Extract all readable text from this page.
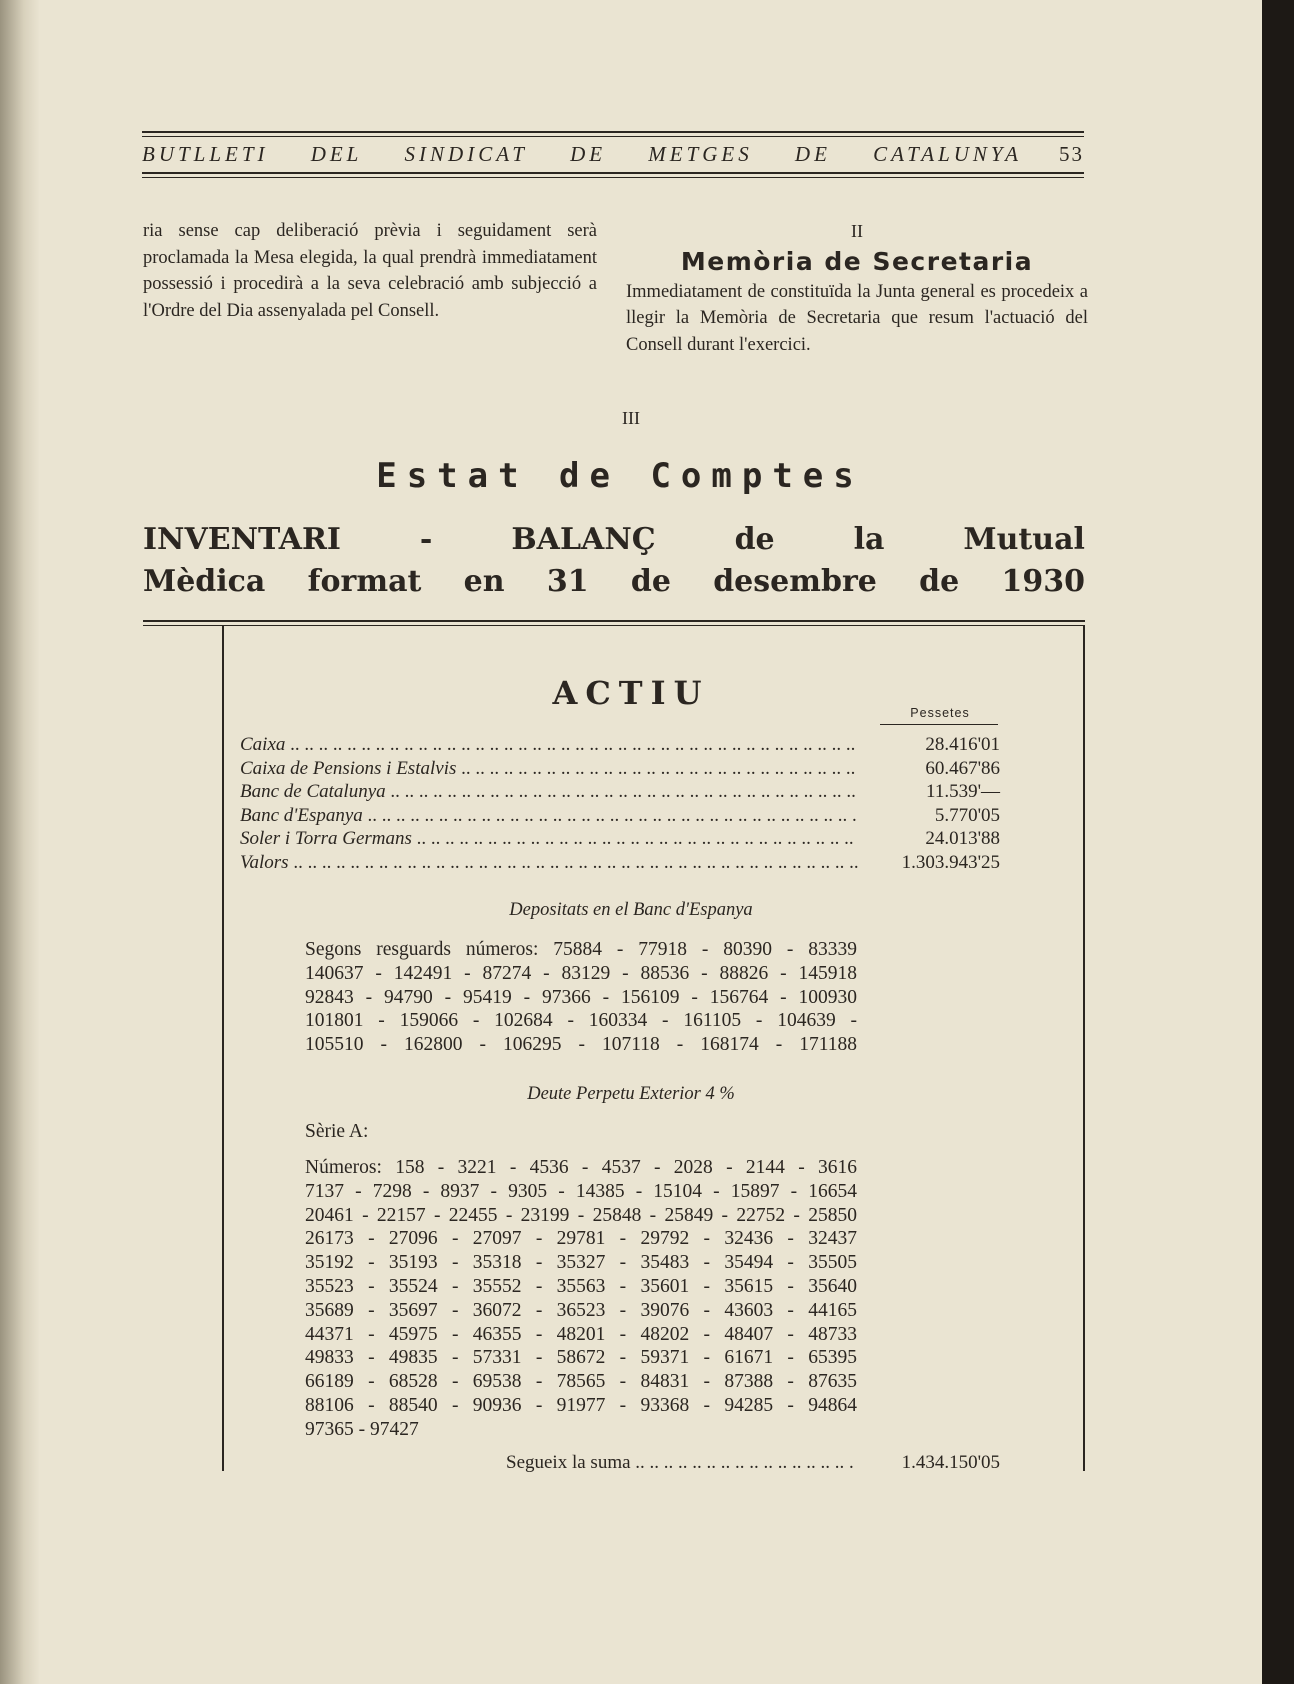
BUTLLETI DEL SINDICAT DE METGES DE CATALUNYA 53
ria sense cap deliberació prèvia i seguidament serà proclamada la Mesa elegida, la qual prendrà immediatament possessió i procedirà a la seva celebració amb subjecció a l'Ordre del Dia assenyalada pel Consell.
II
Memòria de Secretaria
Immediatament de constituïda la Junta general es procedeix a llegir la Memòria de Secretaria que resum l'actuació del Consell durant l'exercici.
III
Estat de Comptes
INVENTARI	-	BALANÇ	de	la	Mutual
Mèdica format en 31 de desembre de 1930
ACTIU
Pessetes
Caixa .. ..	28.416'01
Caixa de Pensions i Estalvis .. ..	60.467'86
Banc de Catalunya .. ..	11.539'—
Banc d'Espanya .. ..	5.770'05
Soler i Torra Germans .. ..	24.013'88
Valors .. ..	1.303.943'25
Depositats en el Banc d'Espanya
Segons resguards números: 75884 - 77918 - 80390 - 83339
140637 - 142491 - 87274 - 83129 - 88536 - 88826 - 145918
92843 - 94790 - 95419 - 97366 - 156109 - 156764 - 100930
101801 - 159066 - 102684 - 160334 - 161105 - 104639 -
105510 - 162800 - 106295 - 107118 - 168174 - 171188
Deute Perpetu Exterior 4 %
Sèrie A:
Números: 158 - 3221 - 4536 - 4537 - 2028 - 2144 - 3616
7137 - 7298 - 8937 - 9305 - 14385 - 15104 - 15897 - 16654
20461 - 22157 - 22455 - 23199 - 25848 - 25849 - 22752 - 25850
26173 - 27096 - 27097 - 29781 - 29792 - 32436 - 32437
35192 - 35193 - 35318 - 35327 - 35483 - 35494 - 35505
35523 - 35524 - 35552 - 35563 - 35601 - 35615 - 35640
35689 - 35697 - 36072 - 36523 - 39076 - 43603 - 44165
44371 - 45975 - 46355 - 48201 - 48202 - 48407 - 48733
49833 - 49835 - 57331 - 58672 - 59371 - 61671 - 65395
66189 - 68528 - 69538 - 78565 - 84831 - 87388 - 87635
88106 - 88540 - 90936 - 91977 - 93368 - 94285 - 94864
97365 - 97427
Segueix la suma .. ..	1.434.150'05
